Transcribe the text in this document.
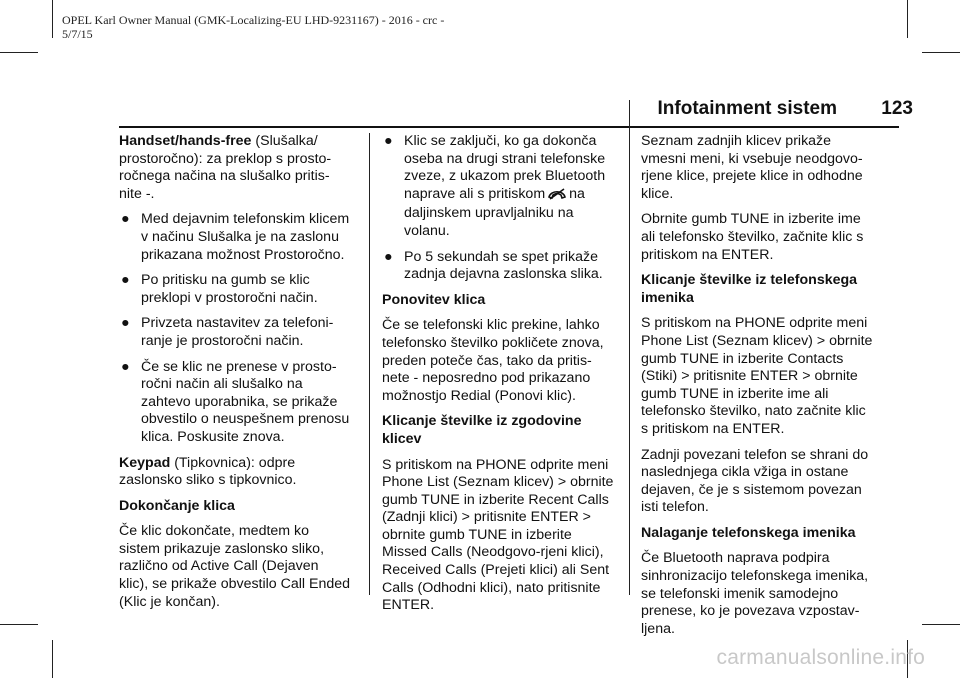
OPEL Karl Owner Manual (GMK-Localizing-EU LHD-9231167) - 2016 - crc -
5/7/15
Infotainment sistem 123

Handset/hands-free (Slušalka/ prostoročno): za preklop s prosto-ročnega načina na slušalko pritis-nite -.

● Med dejavnim telefonskim klicem v načinu Slušalka je na zaslonu prikazana možnost Prostoročno.
● Po pritisku na gumb se klic preklopi v prostoročni način.
● Privzeta nastavitev za telefoni-ranje je prostoročni način.
● Če se klic ne prenese v prosto-ročni način ali slušalko na zahtevo uporabnika, se prikaže obvestilo o neuspešnem prenosu klica. Poskusite znova.

Keypad (Tipkovnica): odpre zaslonsko sliko s tipkovnico.

Dokončanje klica

Če klic dokončate, medtem ko sistem prikazuje zaslonsko sliko, različno od Active Call (Dejaven klic), se prikaže obvestilo Call Ended (Klic je končan).

● Klic se zaključi, ko ga dokonča oseba na drugi strani telefonske zveze, z ukazom prek Bluetooth naprave ali s pritiskom na daljinskem upravljalniku na volanu.
● Po 5 sekundah se spet prikaže zadnja dejavna zaslonska slika.

Ponovitev klica

Če se telefonski klic prekine, lahko telefonsko številko pokličete znova, preden poteče čas, tako da pritis-nete - neposredno pod prikazano možnostjo Redial (Ponovi klic).

Klicanje številke iz zgodovine klicev

S pritiskom na PHONE odprite meni Phone List (Seznam klicev) > obrnite gumb TUNE in izberite Recent Calls (Zadnji klici) > pritisnite ENTER > obrnite gumb TUNE in izberite Missed Calls (Neodgovo-rjeni klici), Received Calls (Prejeti klici) ali Sent Calls (Odhodni klici), nato pritisnite ENTER.

Seznam zadnjih klicev prikaže vmesni meni, ki vsebuje neodgovo-rjene klice, prejete klice in odhodne klice.

Obrnite gumb TUNE in izberite ime ali telefonsko številko, začnite klic s pritiskom na ENTER.

Klicanje številke iz telefonskega imenika

S pritiskom na PHONE odprite meni Phone List (Seznam klicev) > obrnite gumb TUNE in izberite Contacts (Stiki) > pritisnite ENTER > obrnite gumb TUNE in izberite ime ali telefonsko številko, nato začnite klic s pritiskom na ENTER.

Zadnji povezani telefon se shrani do naslednjega cikla vžiga in ostane dejaven, če je s sistemom povezan isti telefon.

Nalaganje telefonskega imenika

Če Bluetooth naprava podpira sinhronizacijo telefonskega imenika, se telefonski imenik samodejno prenese, ko je povezava vzpostav-ljena.

carmanualsonline.info
